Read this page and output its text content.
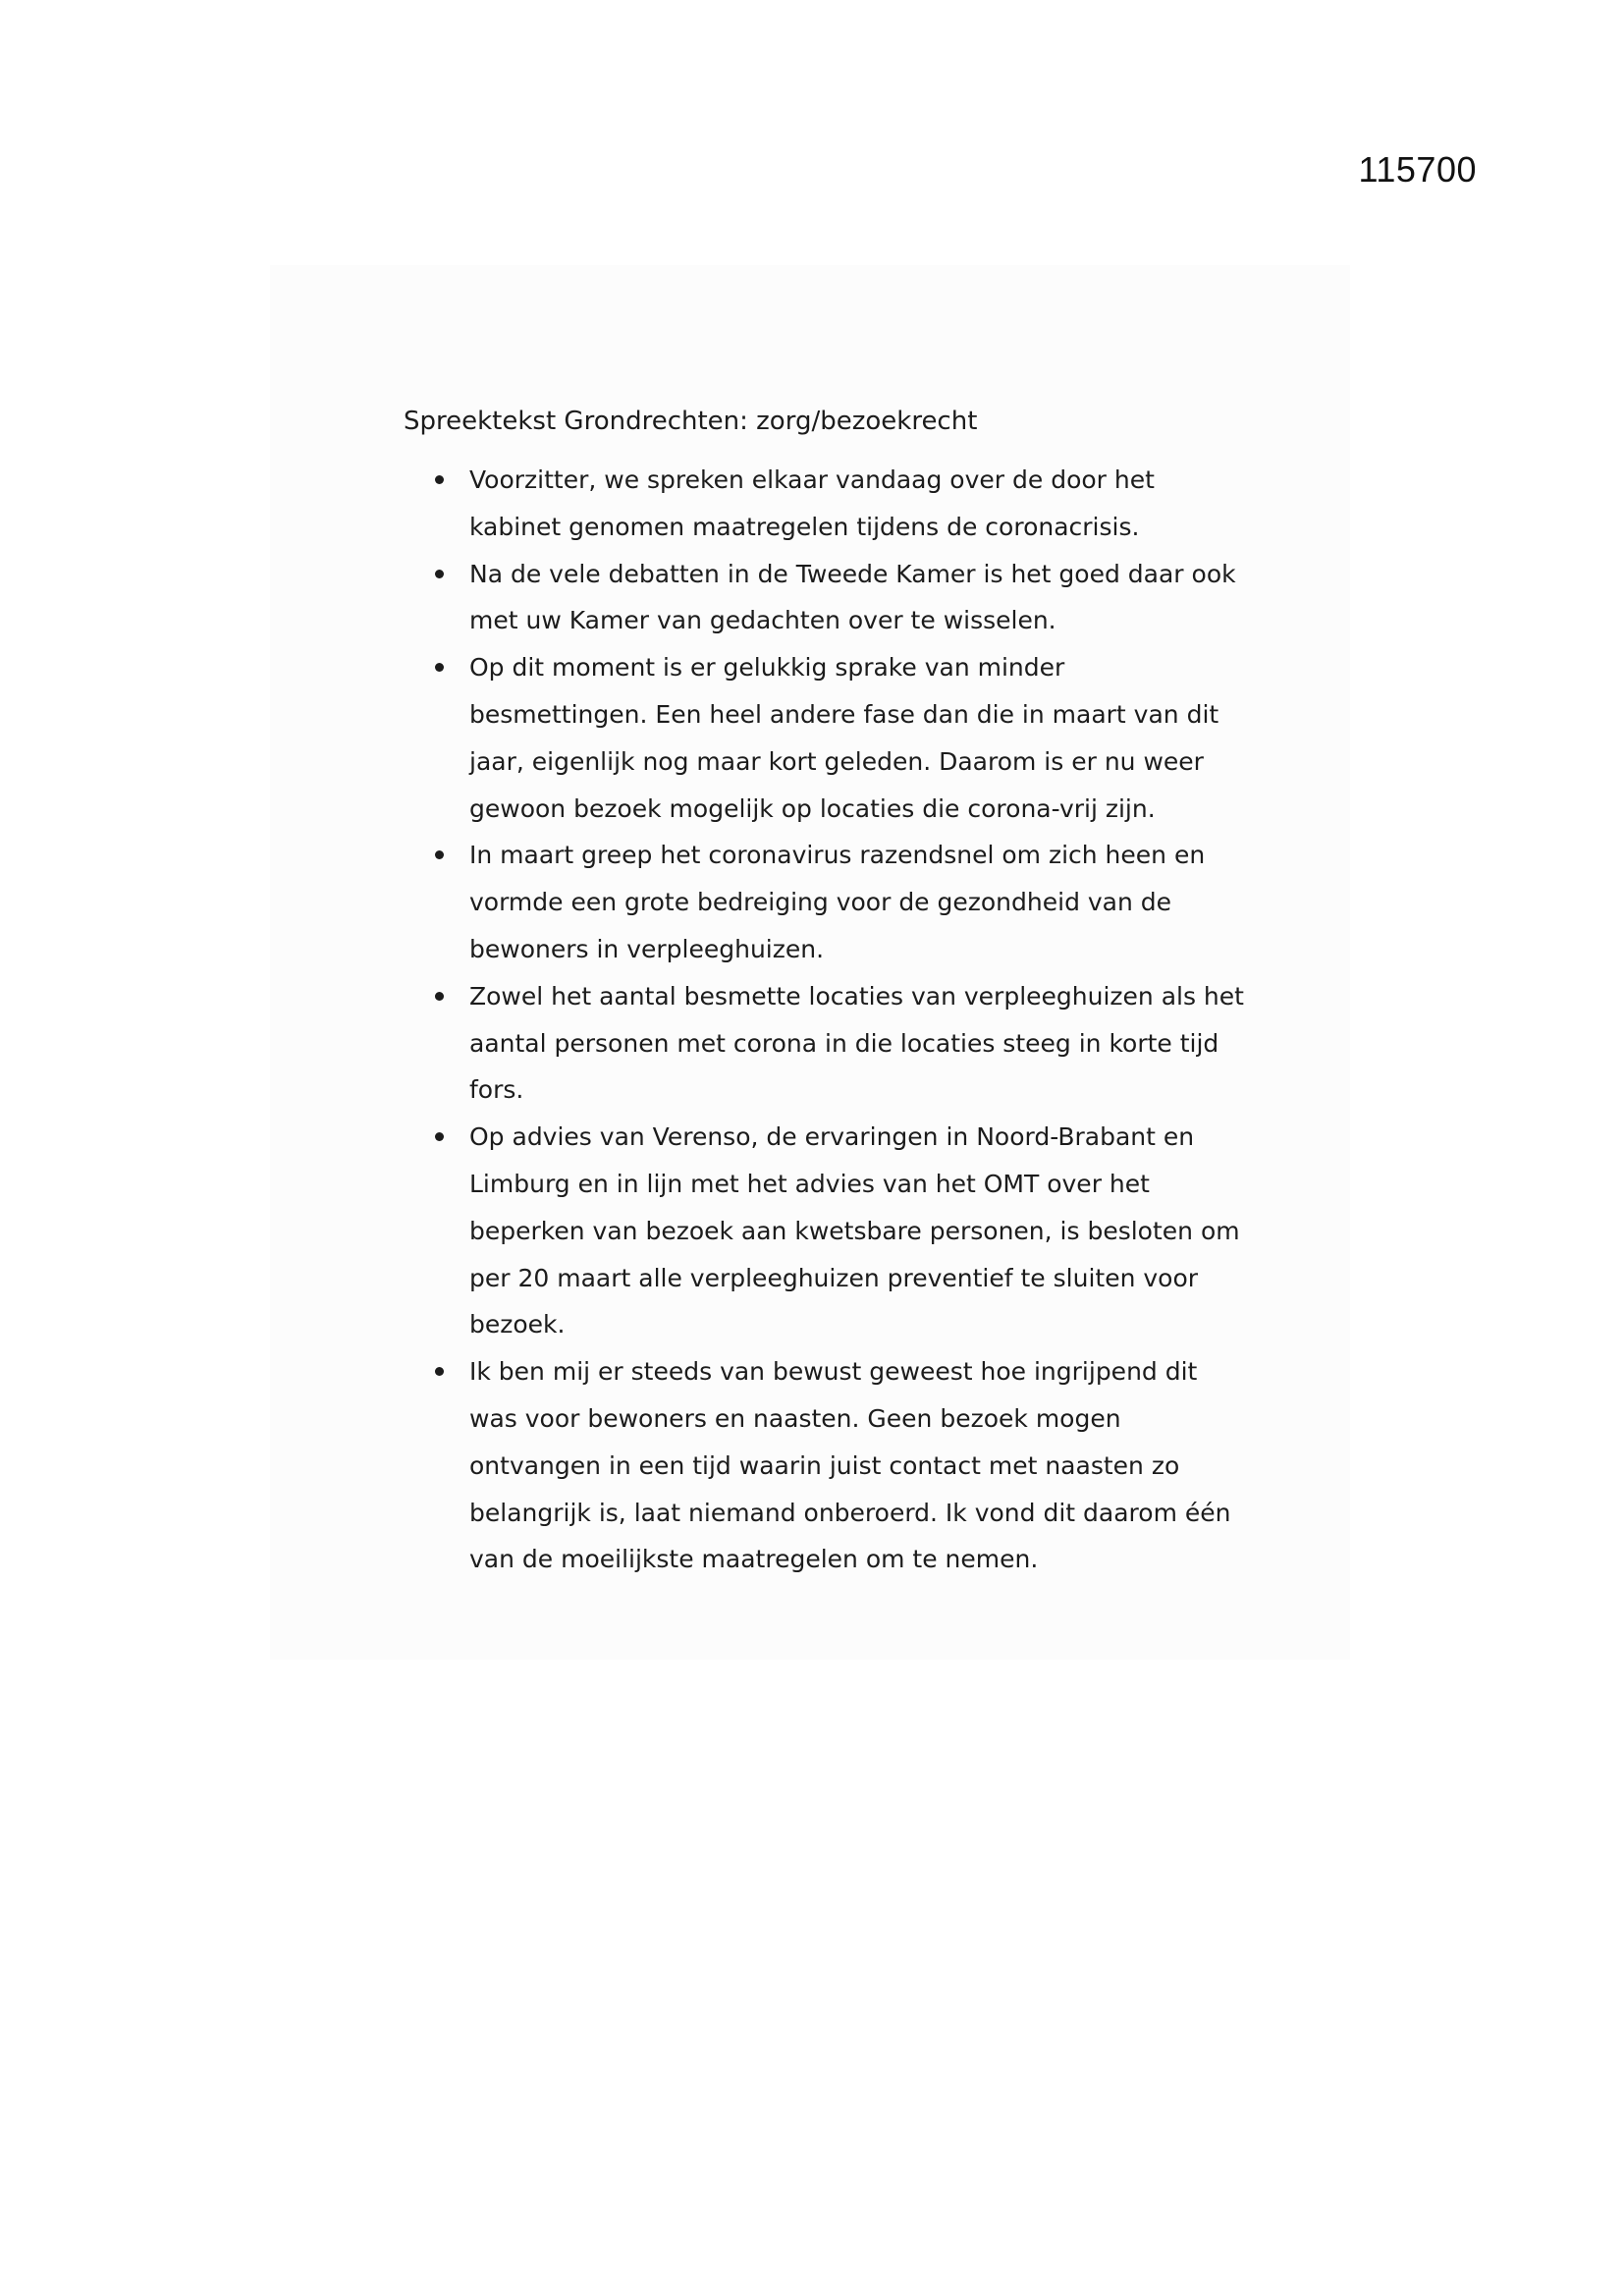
115700
Spreektekst Grondrechten: zorg/bezoekrecht
Voorzitter, we spreken elkaar vandaag over de door het kabinet genomen maatregelen tijdens de coronacrisis.
Na de vele debatten in de Tweede Kamer is het goed daar ook met uw Kamer van gedachten over te wisselen.
Op dit moment is er gelukkig sprake van minder besmettingen. Een heel andere fase dan die in maart van dit jaar, eigenlijk nog maar kort geleden. Daarom is er nu weer gewoon bezoek mogelijk op locaties die corona-vrij zijn.
In maart greep het coronavirus razendsnel om zich heen en vormde een grote bedreiging voor de gezondheid van de bewoners in verpleeghuizen.
Zowel het aantal besmette locaties van verpleeghuizen als het aantal personen met corona in die locaties steeg in korte tijd fors.
Op advies van Verenso, de ervaringen in Noord-Brabant en Limburg en in lijn met het advies van het OMT over het beperken van bezoek aan kwetsbare personen, is besloten om per 20 maart alle verpleeghuizen preventief te sluiten voor bezoek.
Ik ben mij er steeds van bewust geweest hoe ingrijpend dit was voor bewoners en naasten. Geen bezoek mogen ontvangen in een tijd waarin juist contact met naasten zo belangrijk is, laat niemand onberoerd. Ik vond dit daarom één van de moeilijkste maatregelen om te nemen.
